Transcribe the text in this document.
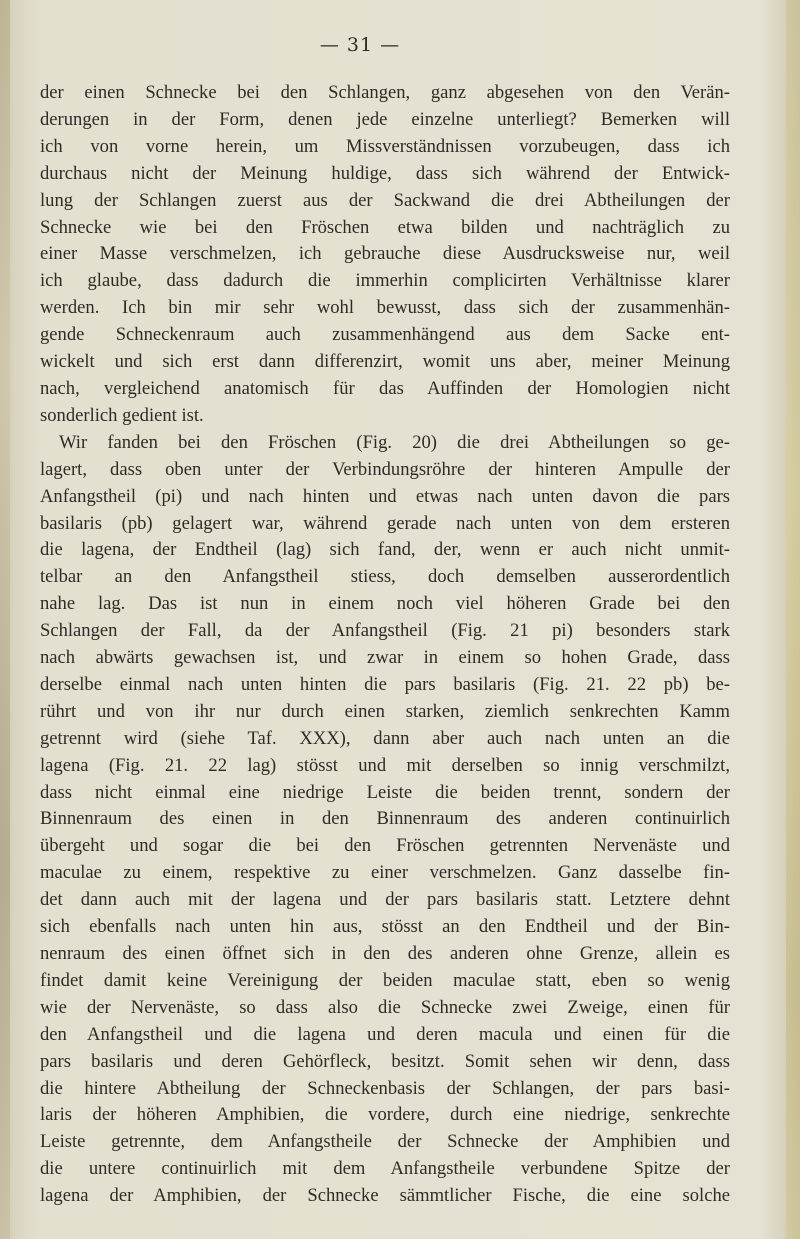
— 31 —
der einen Schnecke bei den Schlangen, ganz abgesehen von den Verän-
derungen in der Form, denen jede einzelne unterliegt? Bemerken will
ich von vorne herein, um Missverständnissen vorzubeugen, dass ich
durchaus nicht der Meinung huldige, dass sich während der Entwick-
lung der Schlangen zuerst aus der Sackwand die drei Abtheilungen der
Schnecke wie bei den Fröschen etwa bilden und nachträglich zu
einer Masse verschmelzen, ich gebrauche diese Ausdrucksweise nur, weil
ich glaube, dass dadurch die immerhin complicirten Verhältnisse klarer
werden. Ich bin mir sehr wohl bewusst, dass sich der zusammenhän-
gende Schneckenraum auch zusammenhängend aus dem Sacke ent-
wickelt und sich erst dann differenzirt, womit uns aber, meiner Meinung
nach, vergleichend anatomisch für das Auffinden der Homologien nicht
sonderlich gedient ist.
Wir fanden bei den Fröschen (Fig. 20) die drei Abtheilungen so ge-
lagert, dass oben unter der Verbindungsröhre der hinteren Ampulle der
Anfangstheil (pi) und nach hinten und etwas nach unten davon die pars
basilaris (pb) gelagert war, während gerade nach unten von dem ersteren
die lagena, der Endtheil (lag) sich fand, der, wenn er auch nicht unmit-
telbar an den Anfangstheil stiess, doch demselben ausserordentlich
nahe lag. Das ist nun in einem noch viel höheren Grade bei den
Schlangen der Fall, da der Anfangstheil (Fig. 21 pi) besonders stark
nach abwärts gewachsen ist, und zwar in einem so hohen Grade, dass
derselbe einmal nach unten hinten die pars basilaris (Fig. 21. 22 pb) be-
rührt und von ihr nur durch einen starken, ziemlich senkrechten Kamm
getrennt wird (siehe Taf. XXX), dann aber auch nach unten an die
lagena (Fig. 21. 22 lag) stösst und mit derselben so innig verschmilzt,
dass nicht einmal eine niedrige Leiste die beiden trennt, sondern der
Binnenraum des einen in den Binnenraum des anderen continuirlich
übergeht und sogar die bei den Fröschen getrennten Nervenäste und
maculae zu einem, respektive zu einer verschmelzen. Ganz dasselbe fin-
det dann auch mit der lagena und der pars basilaris statt. Letztere dehnt
sich ebenfalls nach unten hin aus, stösst an den Endtheil und der Bin-
nenraum des einen öffnet sich in den des anderen ohne Grenze, allein es
findet damit keine Vereinigung der beiden maculae statt, eben so wenig
wie der Nervenäste, so dass also die Schnecke zwei Zweige, einen für
den Anfangstheil und die lagena und deren macula und einen für die
pars basilaris und deren Gehörfleck, besitzt. Somit sehen wir denn, dass
die hintere Abtheilung der Schneckenbasis der Schlangen, der pars basi-
laris der höheren Amphibien, die vordere, durch eine niedrige, senkrechte
Leiste getrennte, dem Anfangstheile der Schnecke der Amphibien und
die untere continuirlich mit dem Anfangstheile verbundene Spitze der
lagena der Amphibien, der Schnecke sämmtlicher Fische, die eine solche
